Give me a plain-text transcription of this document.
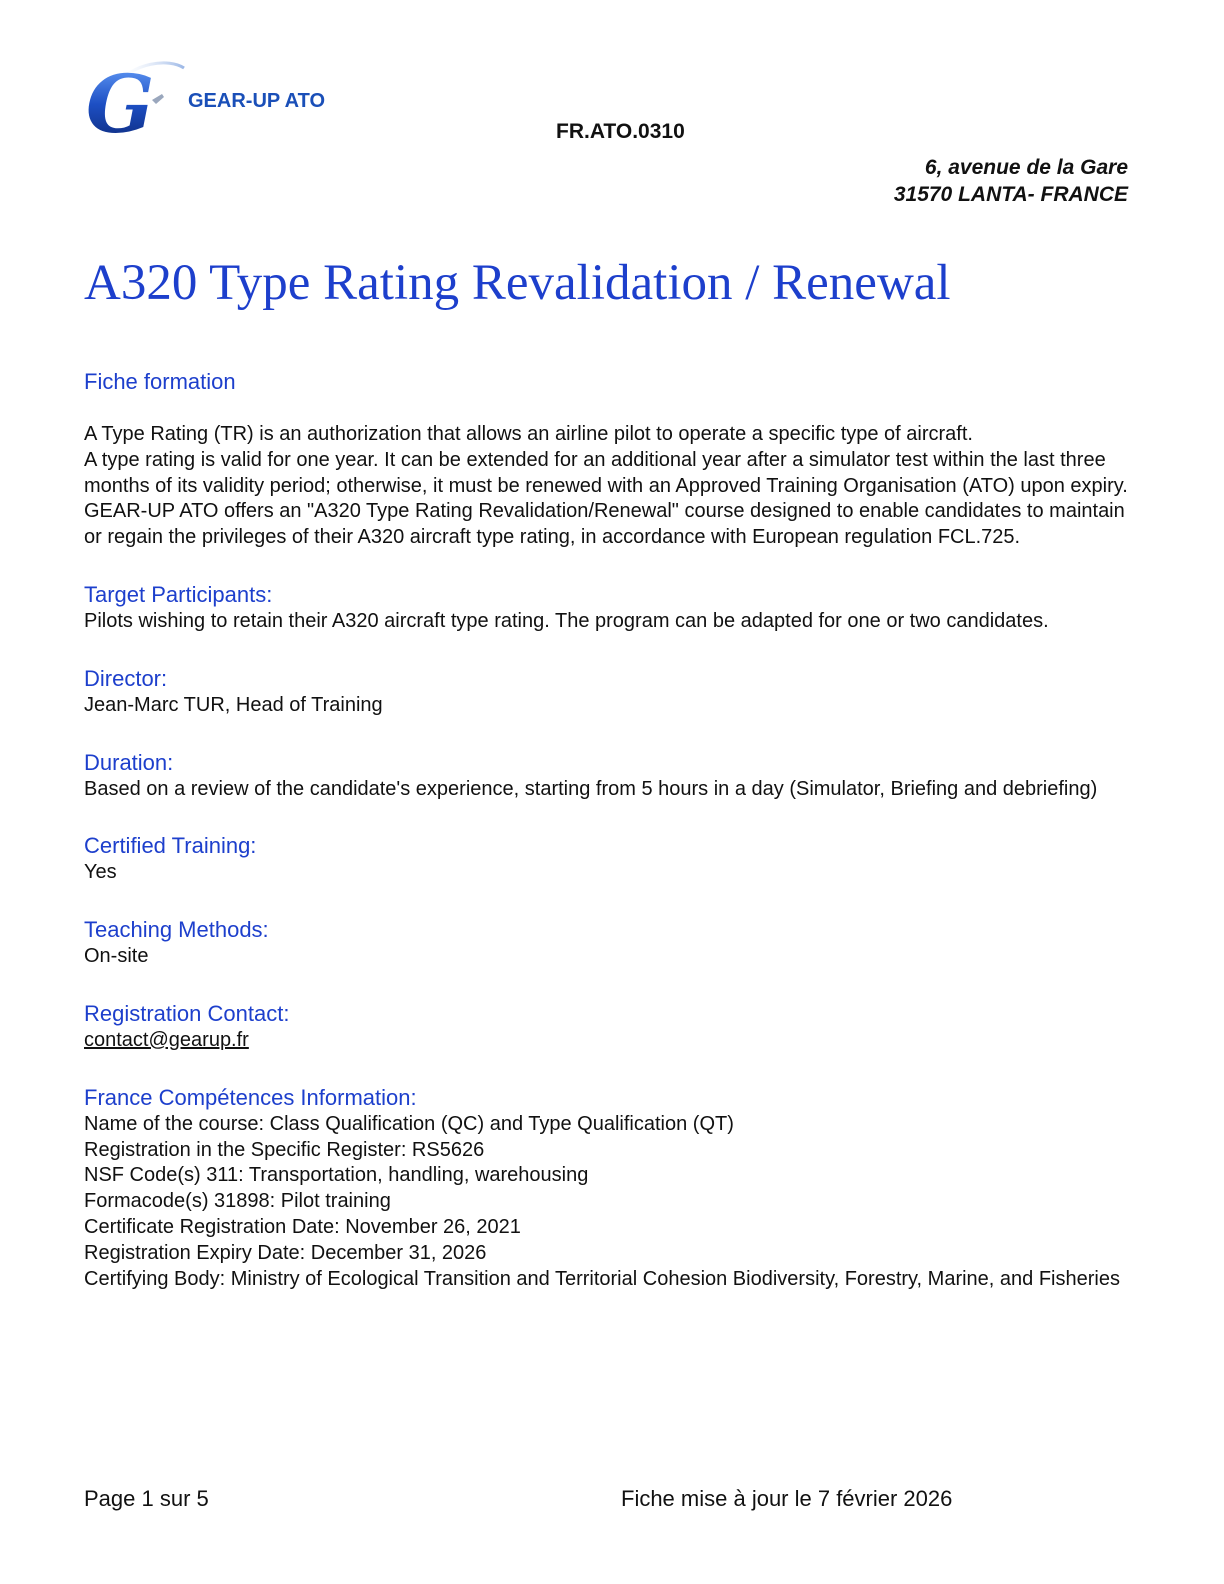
G GEAR-UP ATO
FR.ATO.0310
6, avenue de la Gare
31570 LANTA- FRANCE
A320 Type Rating Revalidation / Renewal
Fiche formation

A Type Rating (TR) is an authorization that allows an airline pilot to operate a specific type of aircraft.

A type rating is valid for one year. It can be extended for an additional year after a simulator test within the last three months of its validity period; otherwise, it must be renewed with an Approved Training Organisation (ATO) upon expiry. GEAR-UP ATO offers an "A320 Type Rating Revalidation/Renewal" course designed to enable candidates to maintain or regain the privileges of their A320 aircraft type rating, in accordance with European regulation FCL.725.

Target Participants:

Pilots wishing to retain their A320 aircraft type rating. The program can be adapted for one or two candidates.

Director:

Jean-Marc TUR, Head of Training

Duration:

Based on a review of the candidate's experience, starting from 5 hours in a day (Simulator, Briefing and debriefing)

Certified Training:

Yes

Teaching Methods:

On-site

Registration Contact:

contact@gearup.fr

France Compétences Information:

Name of the course: Class Qualification (QC) and Type Qualification (QT)

Registration in the Specific Register: RS5626

NSF Code(s) 311: Transportation, handling, warehousing

Formacode(s) 31898: Pilot training

Certificate Registration Date: November 26, 2021

Registration Expiry Date: December 31, 2026

Certifying Body: Ministry of Ecological Transition and Territorial Cohesion Biodiversity, Forestry, Marine, and Fisheries

Page 1 sur 5	Fiche mise à jour le 7 février 2026
